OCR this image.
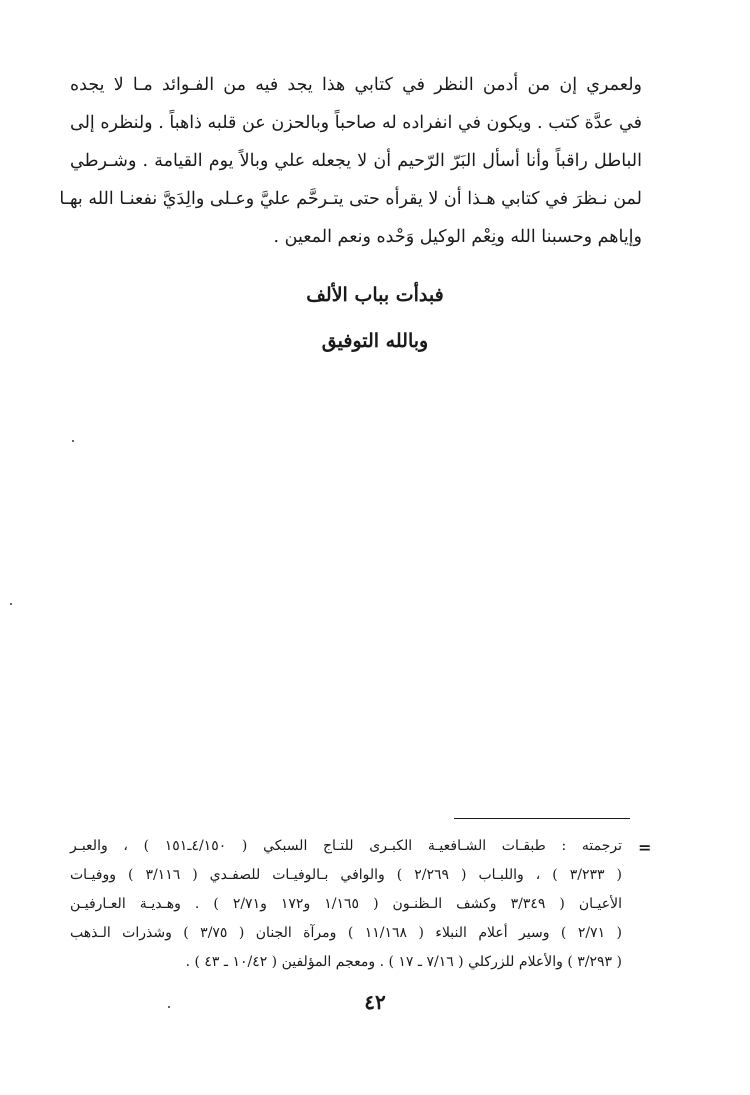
ولعمري إن من أدمن النظر في كتابي هذا يجد فيه من الفـوائد مـا لا يجده
في عدَّة كتب . ويكون في انفراده له صاحباً وبالحزن عن قلبه ذاهباً . ولنظره إلى
الباطل راقباً وأنا أسأل البَرّ الرّحيم أن لا يجعله علي وبالاً يوم القيامة . وشـرطي
لمن نـظرَ في كتابي هـذا أن لا يقرأه حتى يتـرحَّم عليَّ وعـلى والِدَيَّ نفعنـا الله بهـا
وإياهم وحسبنا الله ونِعْم الوكيل وَحْده ونعم المعين .
فبدأت بباب الألف
وبالله التوفيق
=
ترجمته : طبقـات الشـافعيـة الكبـرى للتـاج السبكي ( ٤/١٥٠ـ١٥١ ) ، والعبـر
( ٣/٢٣٣ ) ، واللبـاب ( ٢/٢٦٩ ) والوافي بـالوفيـات للصفـدي ( ٣/١١٦ ) ووفيـات
الأعيـان ( ٣/٣٤٩ وكشف الـظنـون ( ١/١٦٥ و١٧٢ و٢/٧١ ) . وهـديـة العـارفيـن
( ٢/٧١ ) وسير أعلام النبلاء ( ١١/١٦٨ ) ومرآة الجنان ( ٣/٧٥ ) وشذرات الـذهب
( ٣/٢٩٣ ) والأعلام للزركلي ( ٧/١٦ ـ ١٧ ) . ومعجم المؤلفين ( ١٠/٤٢ ـ ٤٣ ) .
٤٢
